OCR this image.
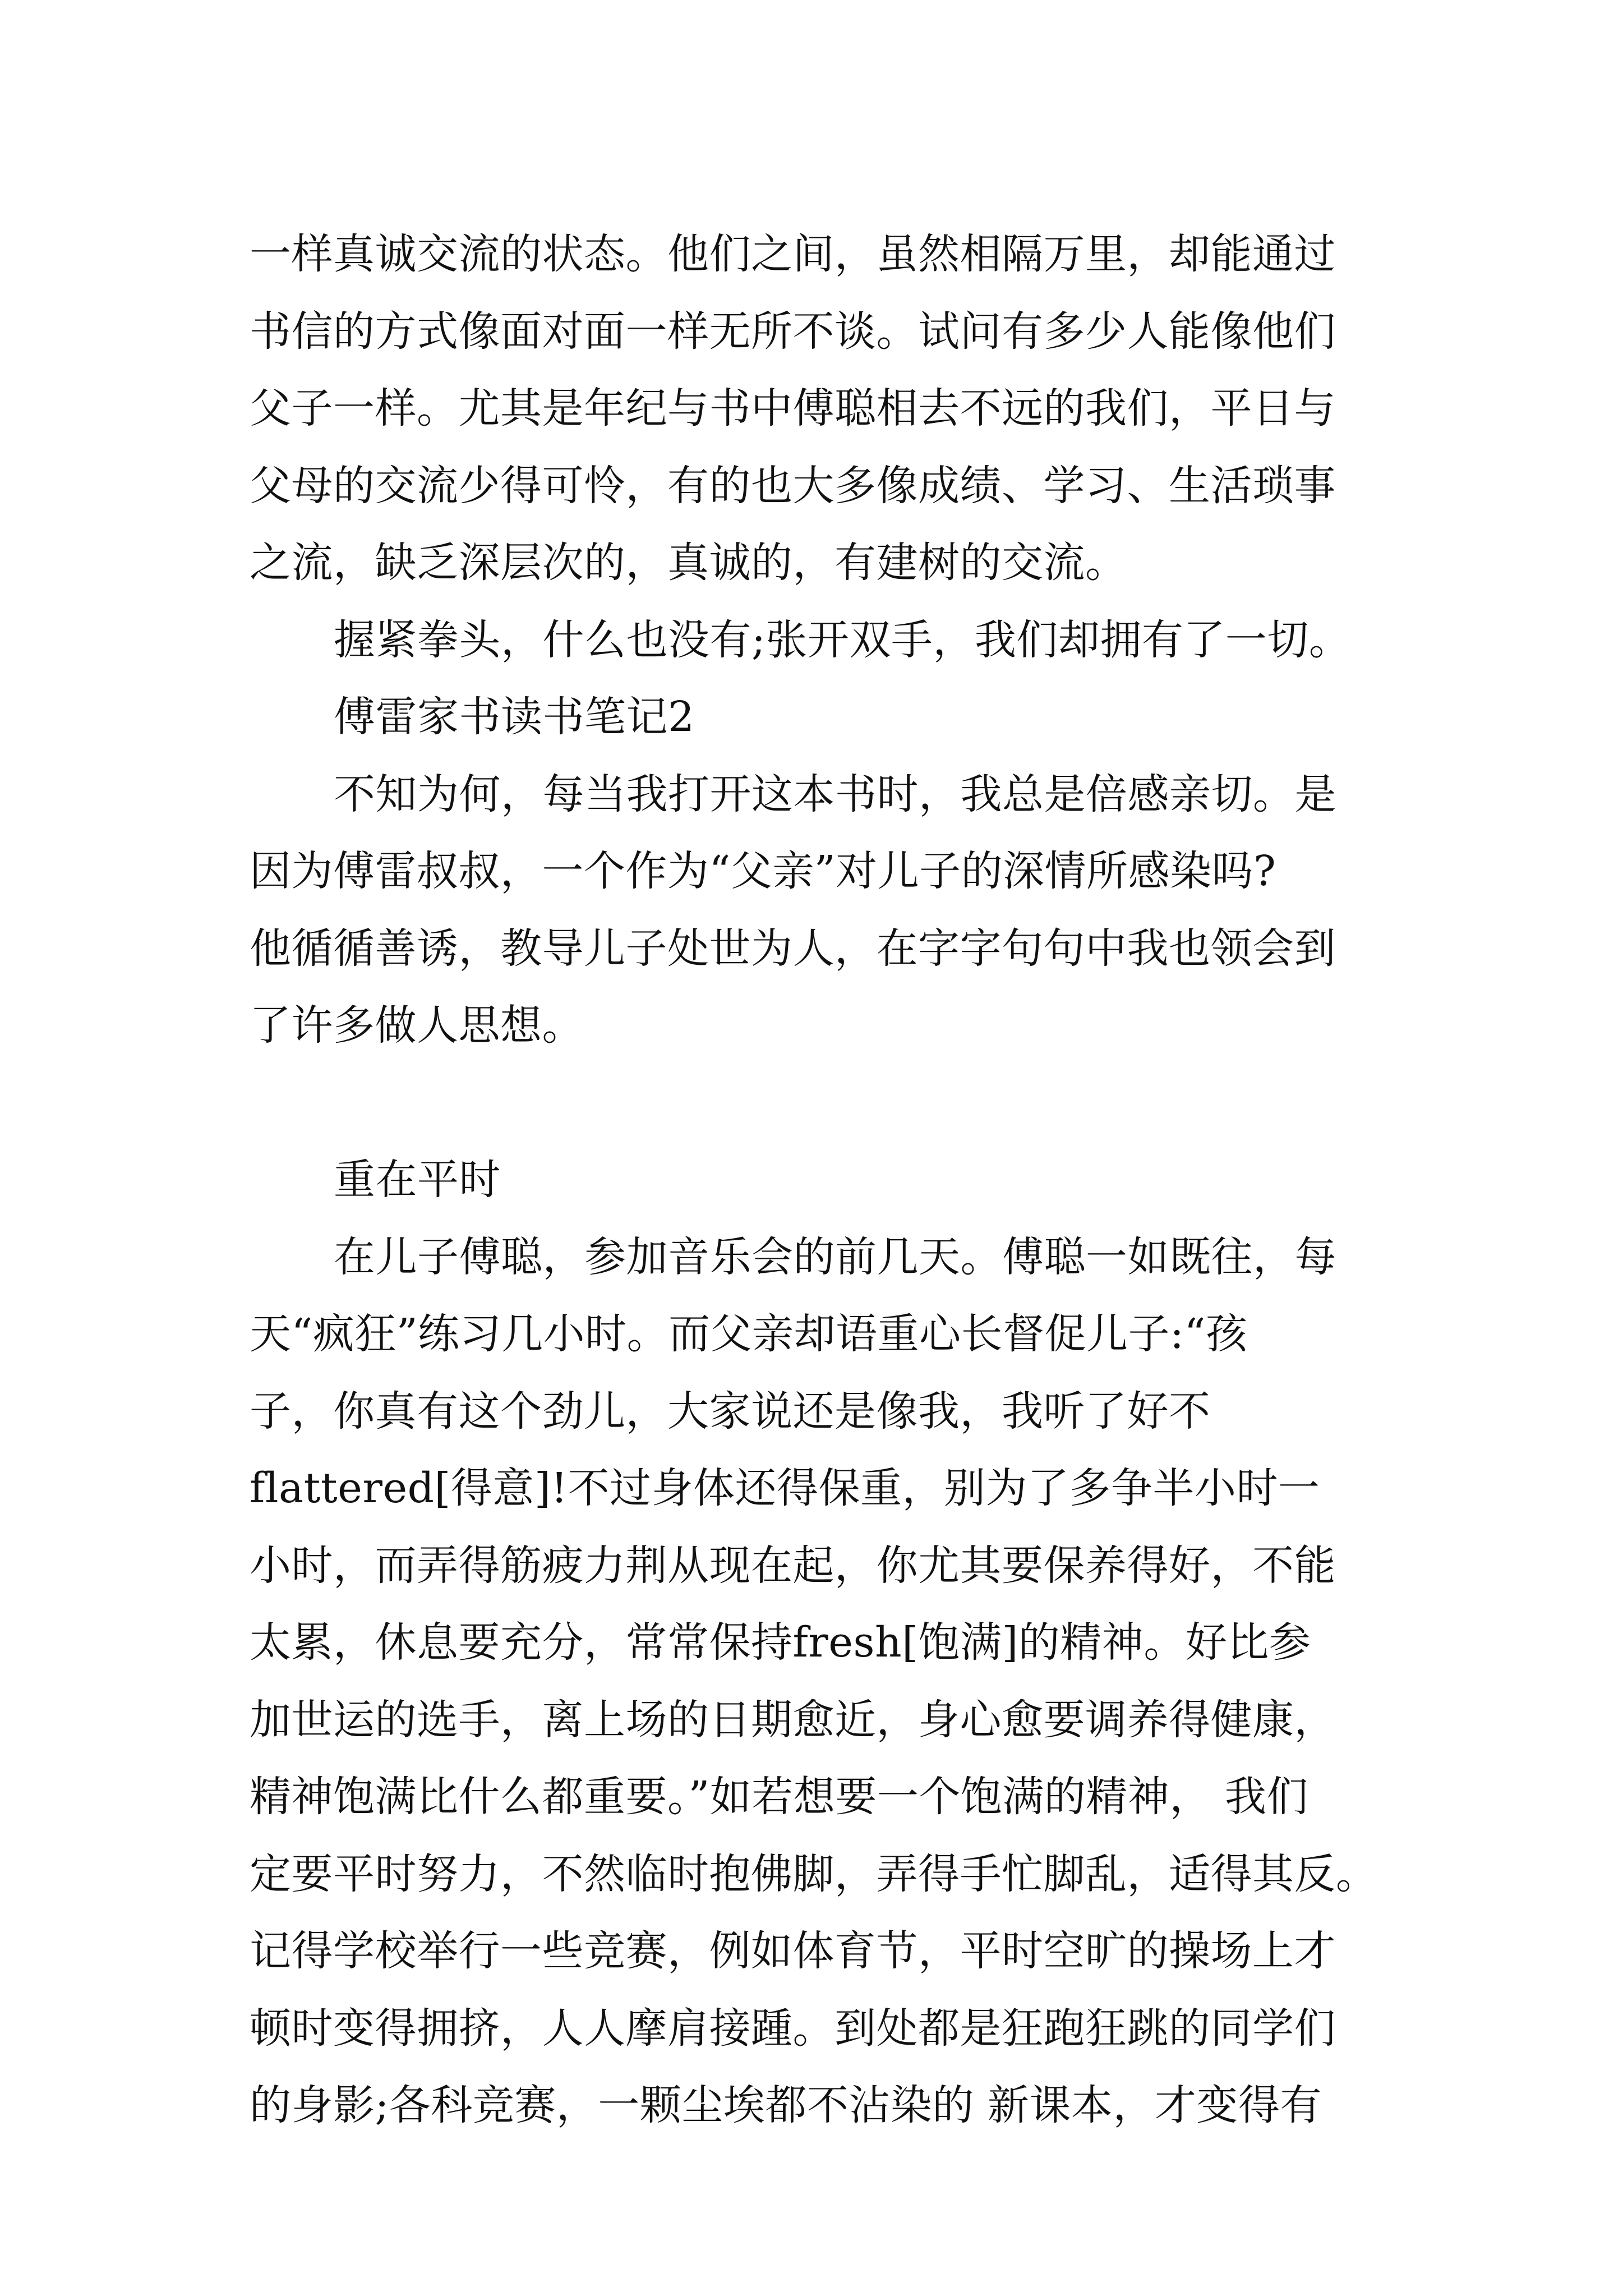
一样真诚交流的状态。他们之间，虽然相隔万里，却能通过
书信的方式像面对面一样无所不谈。试问有多少人能像他们
父子一样。尤其是年纪与书中傅聪相去不远的我们，平日与
父母的交流少得可怜，有的也大多像成绩、学习、生活琐事
之流，缺乏深层次的，真诚的，有建树的交流。
握紧拳头，什么也没有;张开双手，我们却拥有了一切。
傅雷家书读书笔记2
不知为何，每当我打开这本书时，我总是倍感亲切。是
因为傅雷叔叔，一个作为“父亲”对儿子的深情所感染吗?
他循循善诱，教导儿子处世为人，在字字句句中我也领会到
了许多做人思想。
重在平时
在儿子傅聪，参加音乐会的前几天。傅聪一如既往，每
天“疯狂”练习几小时。而父亲却语重心长督促儿子:“孩
子，你真有这个劲儿，大家说还是像我，我听了好不
flattered[得意]!不过身体还得保重，别为了多争半小时一
小时，而弄得筋疲力荆从现在起，你尤其要保养得好，不能
太累，休息要充分，常常保持fresh[饱满]的精神。好比参
加世运的选手，离上场的日期愈近，身心愈要调养得健康，
精神饱满比什么都重要。”如若想要一个饱满的精神， 我们
定要平时努力，不然临时抱佛脚，弄得手忙脚乱，适得其反。
记得学校举行一些竞赛，例如体育节，平时空旷的操场上才
顿时变得拥挤，人人摩肩接踵。到处都是狂跑狂跳的同学们
的身影;各科竞赛，一颗尘埃都不沾染的 新课本，才变得有
